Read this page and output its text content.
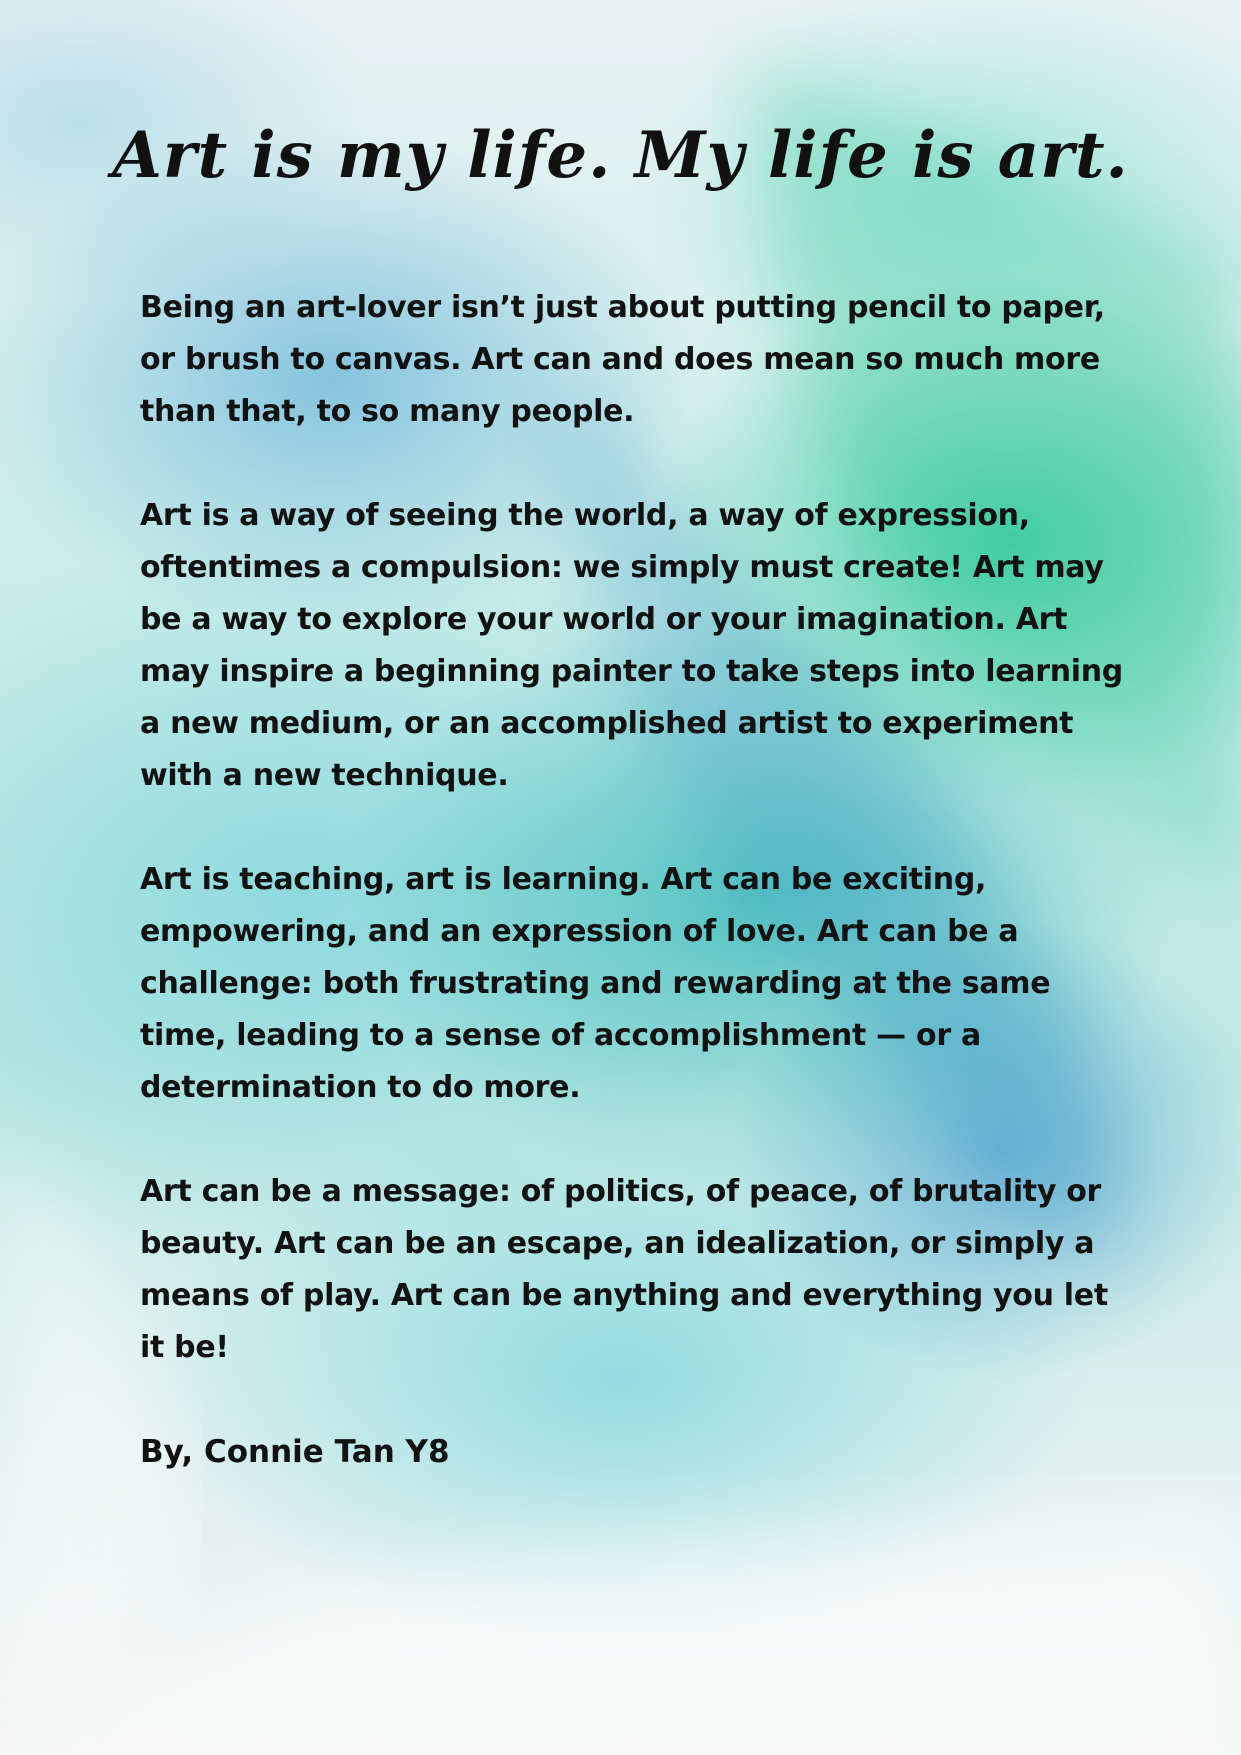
Art is my life. My life is art.

Being an art-lover isn’t just about putting pencil to paper, or brush to canvas. Art can and does mean so much more than that, to so many people.

Art is a way of seeing the world, a way of expression, oftentimes a compulsion: we simply must create! Art may be a way to explore your world or your imagination. Art may inspire a beginning painter to take steps into learning a new medium, or an accomplished artist to experiment with a new technique.

Art is teaching, art is learning. Art can be exciting, empowering, and an expression of love. Art can be a challenge: both frustrating and rewarding at the same time, leading to a sense of accomplishment — or a determination to do more.

Art can be a message: of politics, of peace, of brutality or beauty. Art can be an escape, an idealization, or simply a means of play. Art can be anything and everything you let it be!

By, Connie Tan Y8
